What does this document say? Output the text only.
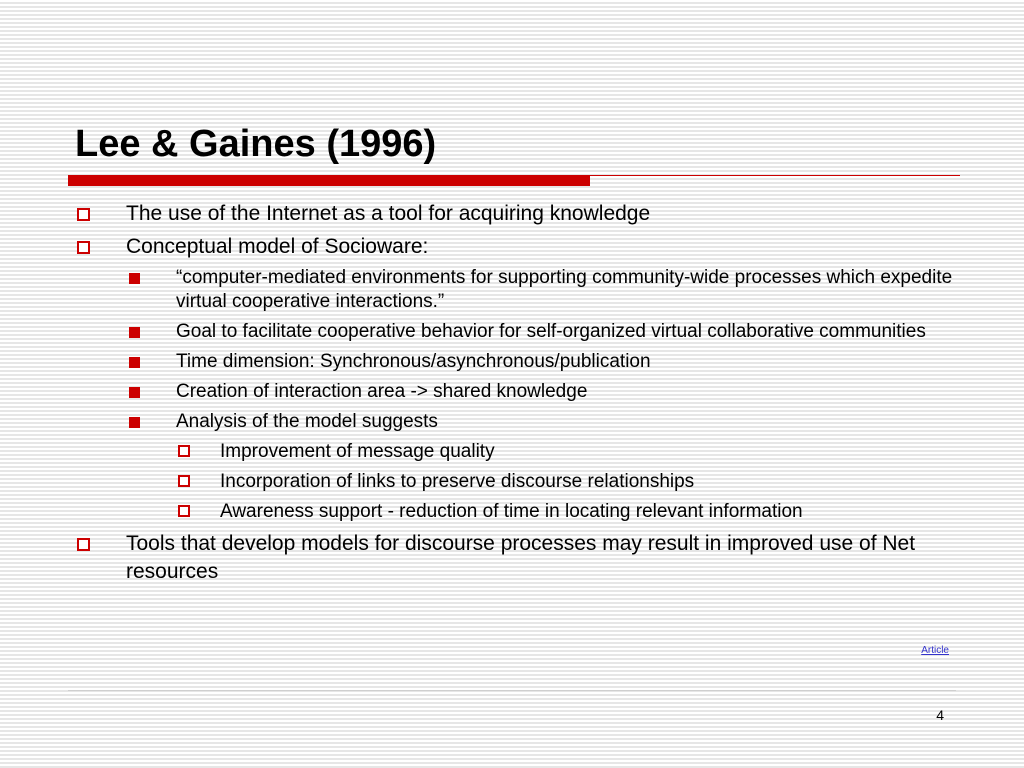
Lee & Gaines (1996)
The use of the Internet as a tool for acquiring knowledge
Conceptual model of Socioware:
“computer-mediated environments for supporting community-wide processes which expedite virtual cooperative interactions.”
Goal to facilitate cooperative behavior for self-organized virtual collaborative communities
Time dimension: Synchronous/asynchronous/publication
Creation of interaction area -> shared knowledge
Analysis of the model suggests
Improvement of message quality
Incorporation of links to preserve discourse relationships
Awareness support - reduction of time in locating relevant information
Tools that develop models for discourse processes may result in improved use of Net resources
Article
4
